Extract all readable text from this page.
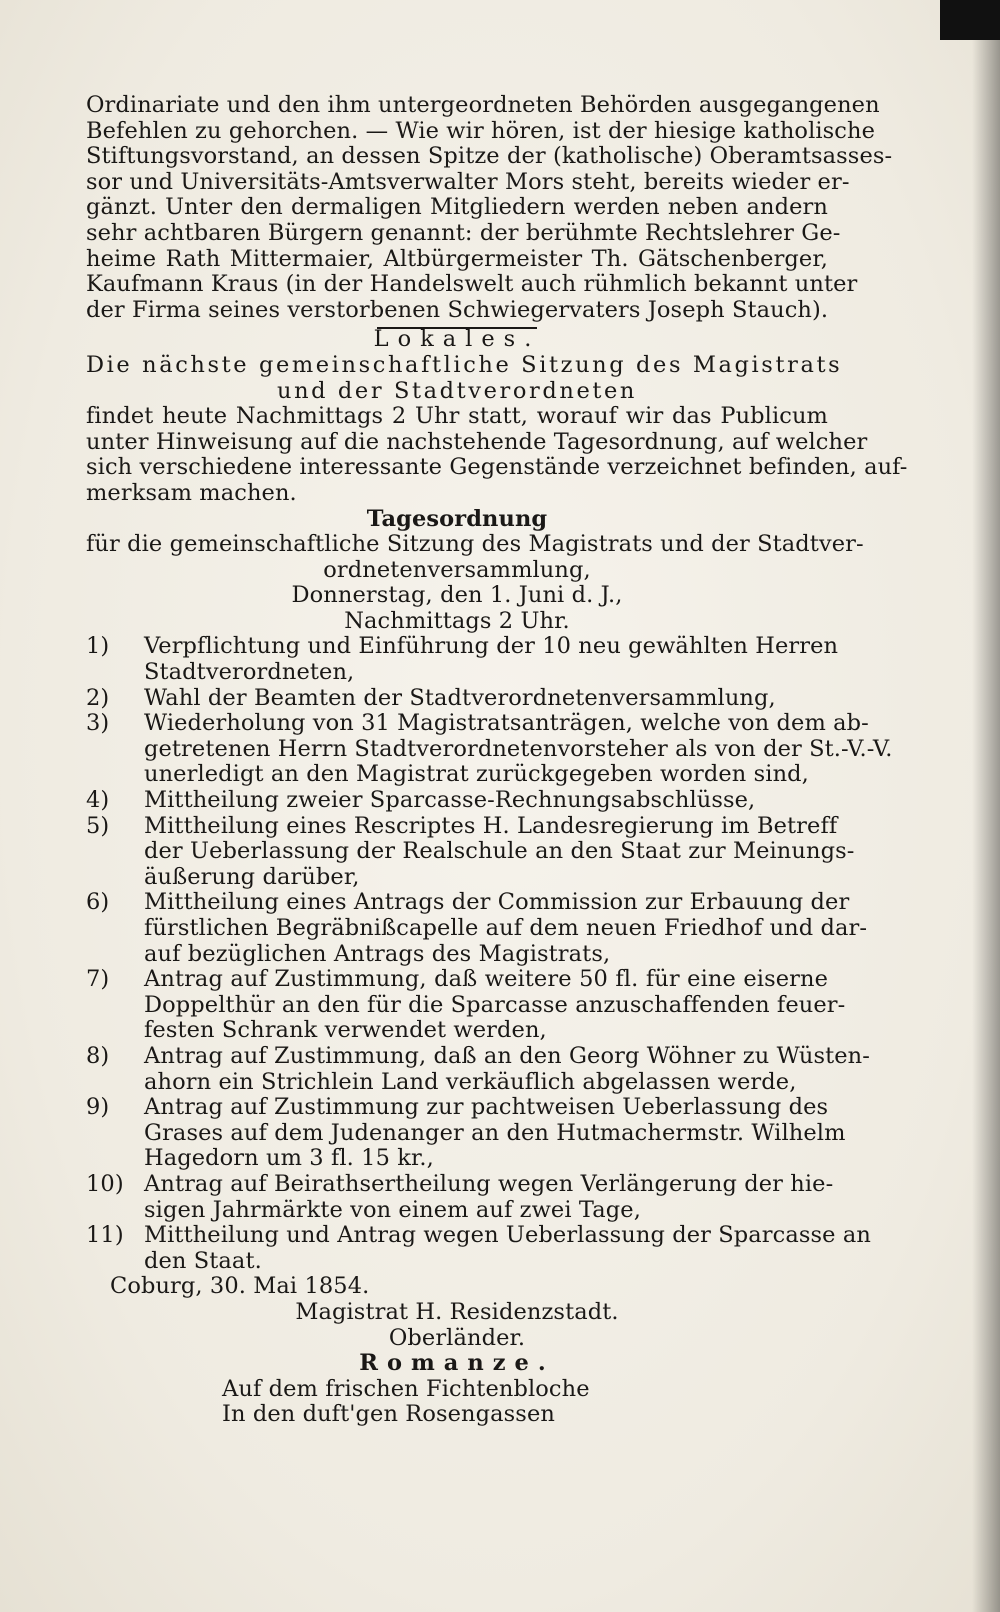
Ordinariate und den ihm untergeordneten Behörden ausgegangenen
Befehlen zu gehorchen. — Wie wir hören, ist der hiesige katholische
Stiftungsvorstand, an dessen Spitze der (katholische) Oberamtsasses-
sor und Universitäts-Amtsverwalter Mors steht, bereits wieder er-
gänzt. Unter den dermaligen Mitgliedern werden neben andern
sehr achtbaren Bürgern genannt: der berühmte Rechtslehrer Ge-
heime Rath Mittermaier, Altbürgermeister Th. Gätschenberger,
Kaufmann Kraus (in der Handelswelt auch rühmlich bekannt unter
der Firma seines verstorbenen Schwiegervaters Joseph Stauch).
Lokales.
Die nächste gemeinschaftliche Sitzung des Magistrats
und der Stadtverordneten
findet heute Nachmittags 2 Uhr statt, worauf wir das Publicum
unter Hinweisung auf die nachstehende Tagesordnung, auf welcher
sich verschiedene interessante Gegenstände verzeichnet befinden, auf-
merksam machen.
Tagesordnung
für die gemeinschaftliche Sitzung des Magistrats und der Stadtver-
ordnetenversammlung,
Donnerstag, den 1. Juni d. J.,
Nachmittags 2 Uhr.
1) Verpflichtung und Einführung der 10 neu gewählten Herren
Stadtverordneten,
2) Wahl der Beamten der Stadtverordnetenversammlung,
3) Wiederholung von 31 Magistratsanträgen, welche von dem ab-
getretenen Herrn Stadtverordnetenvorsteher als von der St.-V.-V.
unerledigt an den Magistrat zurückgegeben worden sind,
4) Mittheilung zweier Sparcasse-Rechnungsabschlüsse,
5) Mittheilung eines Rescriptes H. Landesregierung im Betreff
der Ueberlassung der Realschule an den Staat zur Meinungs-
äußerung darüber,
6) Mittheilung eines Antrags der Commission zur Erbauung der
fürstlichen Begräbnißcapelle auf dem neuen Friedhof und dar-
auf bezüglichen Antrags des Magistrats,
7) Antrag auf Zustimmung, daß weitere 50 fl. für eine eiserne
Doppelthür an den für die Sparcasse anzuschaffenden feuer-
festen Schrank verwendet werden,
8) Antrag auf Zustimmung, daß an den Georg Wöhner zu Wüsten-
ahorn ein Strichlein Land verkäuflich abgelassen werde,
9) Antrag auf Zustimmung zur pachtweisen Ueberlassung des
Grases auf dem Judenanger an den Hutmachermstr. Wilhelm
Hagedorn um 3 fl. 15 kr.,
10) Antrag auf Beirathsertheilung wegen Verlängerung der hie-
sigen Jahrmärkte von einem auf zwei Tage,
11) Mittheilung und Antrag wegen Ueberlassung der Sparcasse an
den Staat.
Coburg, 30. Mai 1854.
Magistrat H. Residenzstadt.
Oberländer.
Romanze.
Auf dem frischen Fichtenbloche
In den duft'gen Rosengassen
